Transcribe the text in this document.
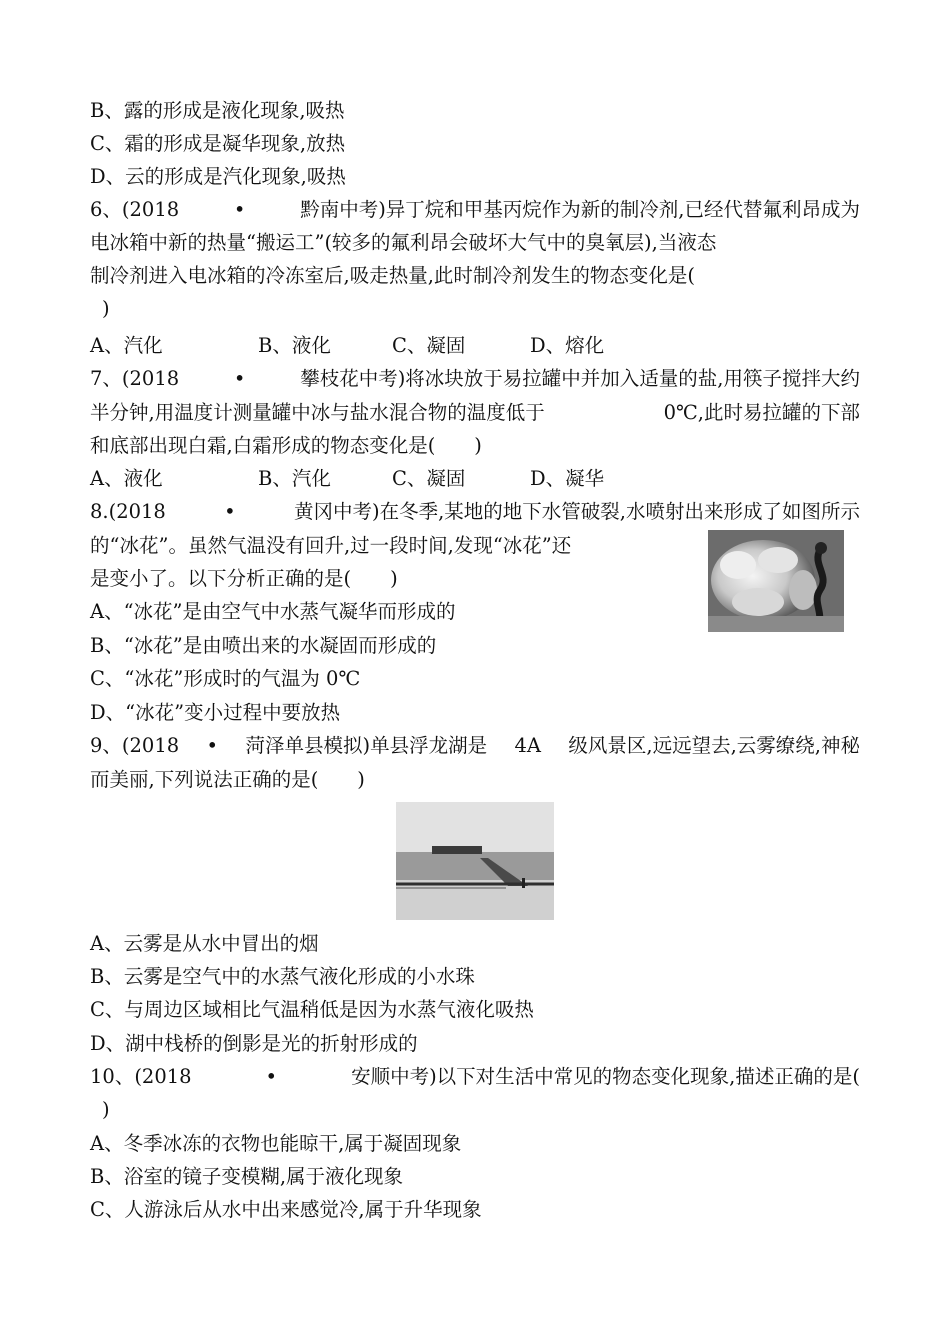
B、露的形成是液化现象,吸热
C、霜的形成是凝华现象,放热
D、云的形成是汽化现象,吸热
6、(2018	•	黔南中考)异丁烷和甲基丙烷作为新的制冷剂,已经代替氟利昂成为
电冰箱中新的热量“搬运工”(较多的氟利昂会破坏大气中的臭氧层),当液态
制冷剂进入电冰箱的冷冻室后,吸走热量,此时制冷剂发生的物态变化是(
)
A、汽化	B、液化	C、凝固	D、熔化
7、(2018	•	攀枝花中考)将冰块放于易拉罐中并加入适量的盐,用筷子搅拌大约
半分钟,用温度计测量罐中冰与盐水混合物的温度低于	0℃,此时易拉罐的下部
和底部出现白霜,白霜形成的物态变化是(　　)
A、液化	B、汽化	C、凝固	D、凝华
8.(2018	•	黄冈中考)在冬季,某地的地下水管破裂,水喷射出来形成了如图所示
的“冰花”。虽然气温没有回升,过一段时间,发现“冰花”还
是变小了。以下分析正确的是(　　)
A、“冰花”是由空气中水蒸气凝华而形成的
B、“冰花”是由喷出来的水凝固而形成的
C、“冰花”形成时的气温为 0℃
D、“冰花”变小过程中要放热
9、(2018 • 菏泽单县模拟)单县浮龙湖是 4A 级风景区,远远望去,云雾缭绕,神秘
而美丽,下列说法正确的是(　　)
A、云雾是从水中冒出的烟
B、云雾是空气中的水蒸气液化形成的小水珠
C、与周边区域相比气温稍低是因为水蒸气液化吸热
D、湖中栈桥的倒影是光的折射形成的
10、(2018	•	安顺中考)以下对生活中常见的物态变化现象,描述正确的是(
)
A、冬季冰冻的衣物也能晾干,属于凝固现象
B、浴室的镜子变模糊,属于液化现象
C、人游泳后从水中出来感觉冷,属于升华现象
